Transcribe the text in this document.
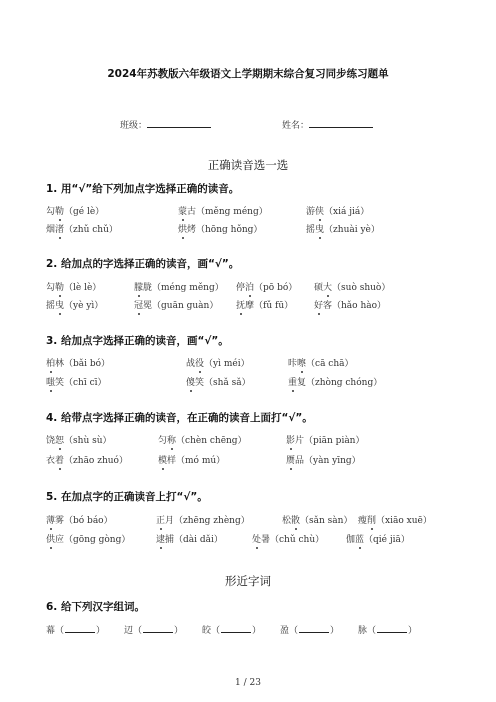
2024年苏教版六年级语文上学期期末综合复习同步练习题单
班级：	姓名：
正确读音选一选
1. 用“√”给下列加点字选择正确的读音。
勾勒（gé lè）	蒙古（měng méng）	游侠（xiá jiá）
烟渚（zhǔ chǔ）	烘烤（hōng hǒng）	摇曳（zhuài yè）
2. 给加点的字选择正确的读音，画“√”。
勾勒（lè lè）	朦胧（méng měng） 停泊（pō bó） 硕大（suò shuò）
摇曳（yè yì）	冠冕（guān guàn） 抚摩（fǔ fū） 好客（hǎo hào）
3. 给加点字选择正确的读音，画“√”。
柏林（bǎi bó）	战役（yì méi）	咔嚓（cā chā）
嗤笑（chī cī）	傻笑（shǎ sǎ）	重复（zhòng chóng）
4. 给带点字选择正确的读音，在正确的读音上面打“√”。
饶恕（shù sù）	匀称（chèn chēng）	影片（piān piàn）
衣着（zhāo zhuó）	模样（mó mú）	赝品（yàn yīng）
5. 在加点字的正确读音上打“√”。
薄雾（bó báo）	正月（zhēng zhèng）	松散（sǎn sàn） 瘦削（xiāo xuē）
供应（gōng gòng）	逮捕（dài dǎi）	处暑（chǔ chù） 伽蓝（qié jiā）
形近字词
6. 给下列汉字组词。
幕（	） 辺（	） 皎（	） 盈（	） 脉（	）
1 / 23
